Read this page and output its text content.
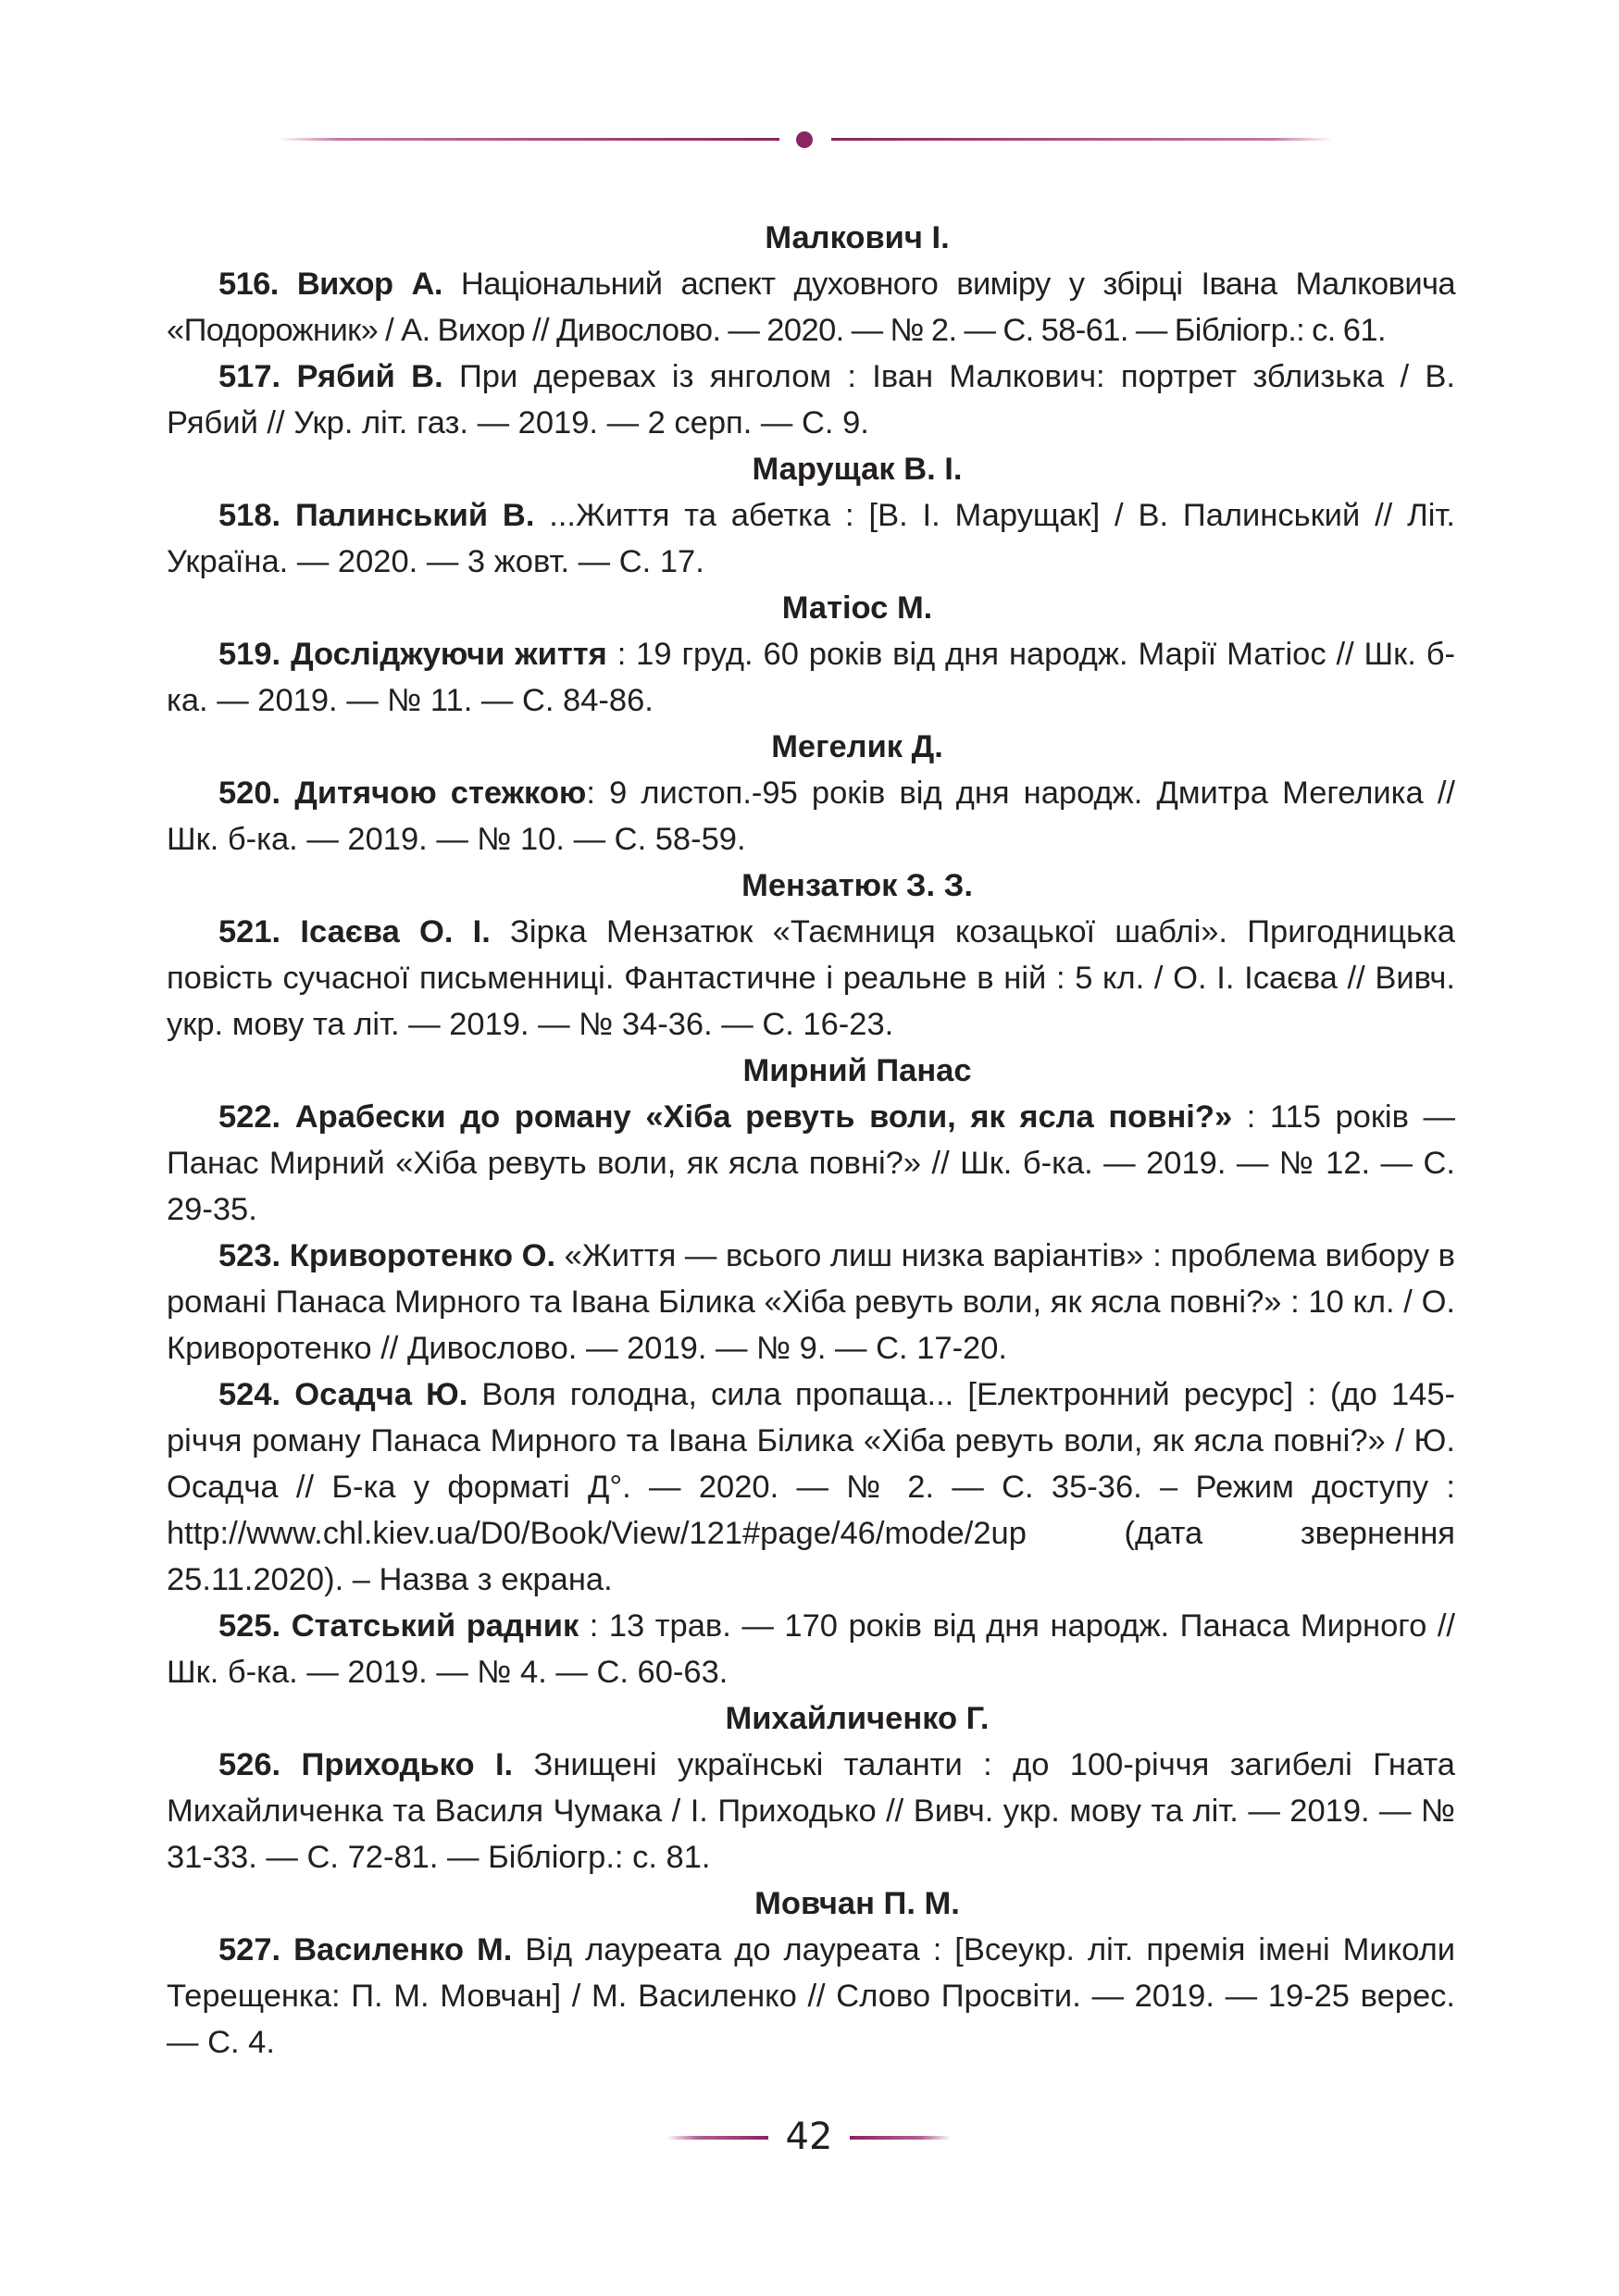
Малкович І.

516. Вихор А. Національний аспект духовного виміру у збірці Івана Малковича «Подорожник» / А. Вихор // Дивослово. — 2020. — № 2. — С. 58-61. — Бібліогр.: с. 61.

517. Рябий В. При деревах із янголом : Іван Малкович: портрет зблизька / В. Рябий // Укр. літ. газ. — 2019. — 2 серп. — С. 9.

Марущак В. І.

518. Палинський В. ...Життя та абетка : [В. І. Марущак] / В. Палинський // Літ. Україна. — 2020. — 3 жовт. — С. 17.

Матіос М.

519. Досліджуючи життя : 19 груд. 60 років від дня народж. Марії Матіос // Шк. б-ка. — 2019. — № 11. — С. 84-86.

Мегелик Д.

520. Дитячою стежкою: 9 листоп.-95 років від дня народж. Дмитра Мегелика // Шк. б-ка. — 2019. — № 10. — С. 58-59.

Мензатюк З. З.

521. Ісаєва О. І. Зірка Мензатюк «Таємниця козацької шаблі». Пригодницька повість сучасної письменниці. Фантастичне і реальне в ній : 5 кл. / О. І. Ісаєва // Вивч. укр. мову та літ. — 2019. — № 34-36. — С. 16-23.

Мирний Панас

522. Арабески до роману «Хіба ревуть воли, як ясла повні?» : 115 років — Панас Мирний «Хіба ревуть воли, як ясла повні?» // Шк. б-ка. — 2019. — № 12. — С. 29-35.

523. Криворотенко О. «Життя — всього лиш низка варіантів» : проблема вибору в романі Панаса Мирного та Івана Білика «Хіба ревуть воли, як ясла повні?» : 10 кл. / О. Криворотенко // Дивослово. — 2019. — № 9. — С. 17-20.

524. Осадча Ю. Воля голодна, сила пропаща... [Електронний ресурс] : (до 145-річчя роману Панаса Мирного та Івана Білика «Хіба ревуть воли, як ясла повні?» / Ю. Осадча // Б-ка у форматі Д°. — 2020. — № 2. — С. 35-36. – Режим доступу : http://www.chl.kiev.ua/D0/Book/View/121#page/46/mode/2up (дата звернення 25.11.2020). – Назва з екрана.

525. Статський радник : 13 трав. — 170 років від дня народж. Панаса Мирного // Шк. б-ка. — 2019. — № 4. — С. 60-63.

Михайличенко Г.

526. Приходько І. Знищені українські таланти : до 100-річчя загибелі Гната Михайличенка та Василя Чумака / І. Приходько // Вивч. укр. мову та літ. — 2019. — № 31-33. — С. 72-81. — Бібліогр.: с. 81.

Мовчан П. М.

527. Василенко М. Від лауреата до лауреата : [Всеукр. літ. премія імені Миколи Терещенка: П. М. Мовчан] / М. Василенко // Слово Просвіти. — 2019. — 19-25 верес. — С. 4.

42
